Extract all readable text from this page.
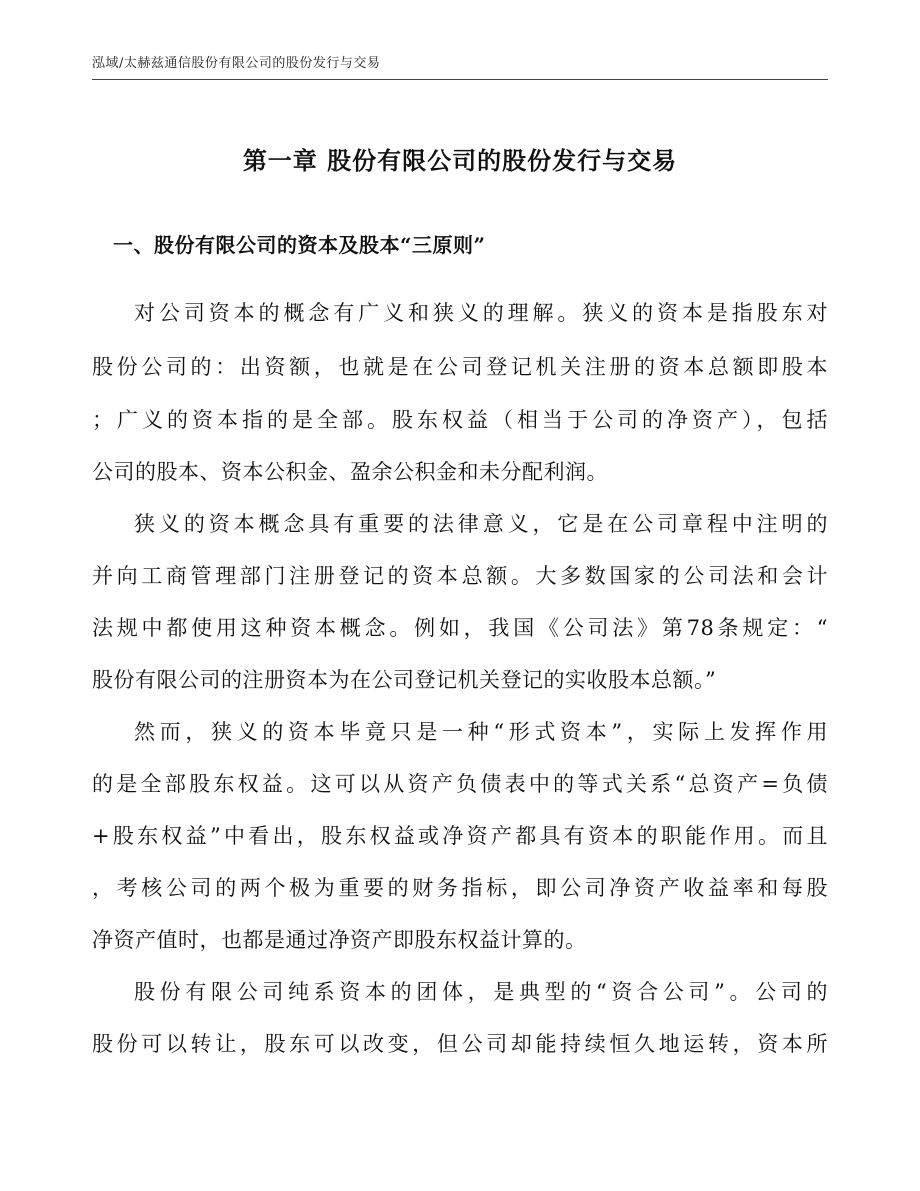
泓域/太赫兹通信股份有限公司的股份发行与交易
第一章 股份有限公司的股份发行与交易
一、股份有限公司的资本及股本“三原则”
对公司资本的概念有广义和狭义的理解。狭义的资本是指股东对
股份公司的：出资额，也就是在公司登记机关注册的资本总额即股本
；广义的资本指的是全部。股东权益（相当于公司的净资产），包括
公司的股本、资本公积金、盈余公积金和未分配利润。
狭义的资本概念具有重要的法律意义，它是在公司章程中注明的
并向工商管理部门注册登记的资本总额。大多数国家的公司法和会计
法规中都使用这种资本概念。例如，我国《公司法》第78条规定：“
股份有限公司的注册资本为在公司登记机关登记的实收股本总额。”
然而，狭义的资本毕竟只是一种“形式资本”，实际上发挥作用
的是全部股东权益。这可以从资产负债表中的等式关系“总资产=负债
+股东权益”中看出，股东权益或净资产都具有资本的职能作用。而且
，考核公司的两个极为重要的财务指标，即公司净资产收益率和每股
净资产值时，也都是通过净资产即股东权益计算的。
股份有限公司纯系资本的团体，是典型的“资合公司”。公司的
股份可以转让，股东可以改变，但公司却能持续恒久地运转，资本所
